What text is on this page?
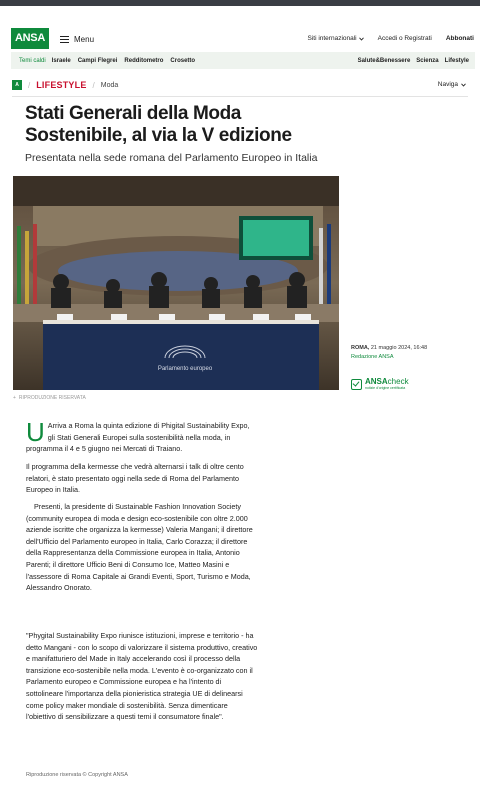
ANSA	Menu	Siti internazionali	Accedi o Registrati Abbonati
Temi caldi Israele Campi Flegrei Redditometro Crosetto	Salute&Benessere Scienza Lifestyle
A	/ LIFESTYLE / Moda	Naviga
Stati Generali della Moda Sostenibile, al via la V edizione
Presentata nella sede romana del Parlamento Europeo in Italia
Parlamento europeo
+ RIPRODUZIONE RISERVATA
ROMA, 21 maggio 2024, 16:48
Redazione ANSA
ANSAcheck
notizie d'origine certificata
U Arriva a Roma la quinta edizione di Phigital Sustainability Expo, gli Stati Generali Europei sulla sostenibilità nella moda, in programma il 4 e 5 giugno nei Mercati di Traiano.

Il programma della kermesse che vedrà alternarsi i talk di oltre cento relatori, è stato presentato oggi nella sede di Roma del Parlamento Europeo in Italia.

Presenti, la presidente di Sustainable Fashion Innovation Society (community europea di moda e design eco-sostenibile con oltre 2.000 aziende iscritte che organizza la kermesse) Valeria Mangani; il direttore dell'Ufficio del Parlamento europeo in Italia, Carlo Corazza; il direttore della Rappresentanza della Commissione europea in Italia, Antonio Parenti; il direttore Ufficio Beni di Consumo Ice, Matteo Masini e l'assessore di Roma Capitale ai Grandi Eventi, Sport, Turismo e Moda, Alessandro Onorato.

"Phygital Sustainability Expo riunisce istituzioni, imprese e territorio - ha detto Mangani - con lo scopo di valorizzare il sistema produttivo, creativo e manifatturiero del Made in Italy accelerando così il processo della transizione eco-sostenibile nella moda. L'evento è co-organizzato con il Parlamento europeo e Commissione europea e ha l'intento di sottolineare l'importanza della pionieristica strategia UE di delinearsi come policy maker mondiale di sostenibilità. Senza dimenticare l'obiettivo di sensibilizzare a questi temi il consumatore finale".

Riproduzione riservata © Copyright ANSA
